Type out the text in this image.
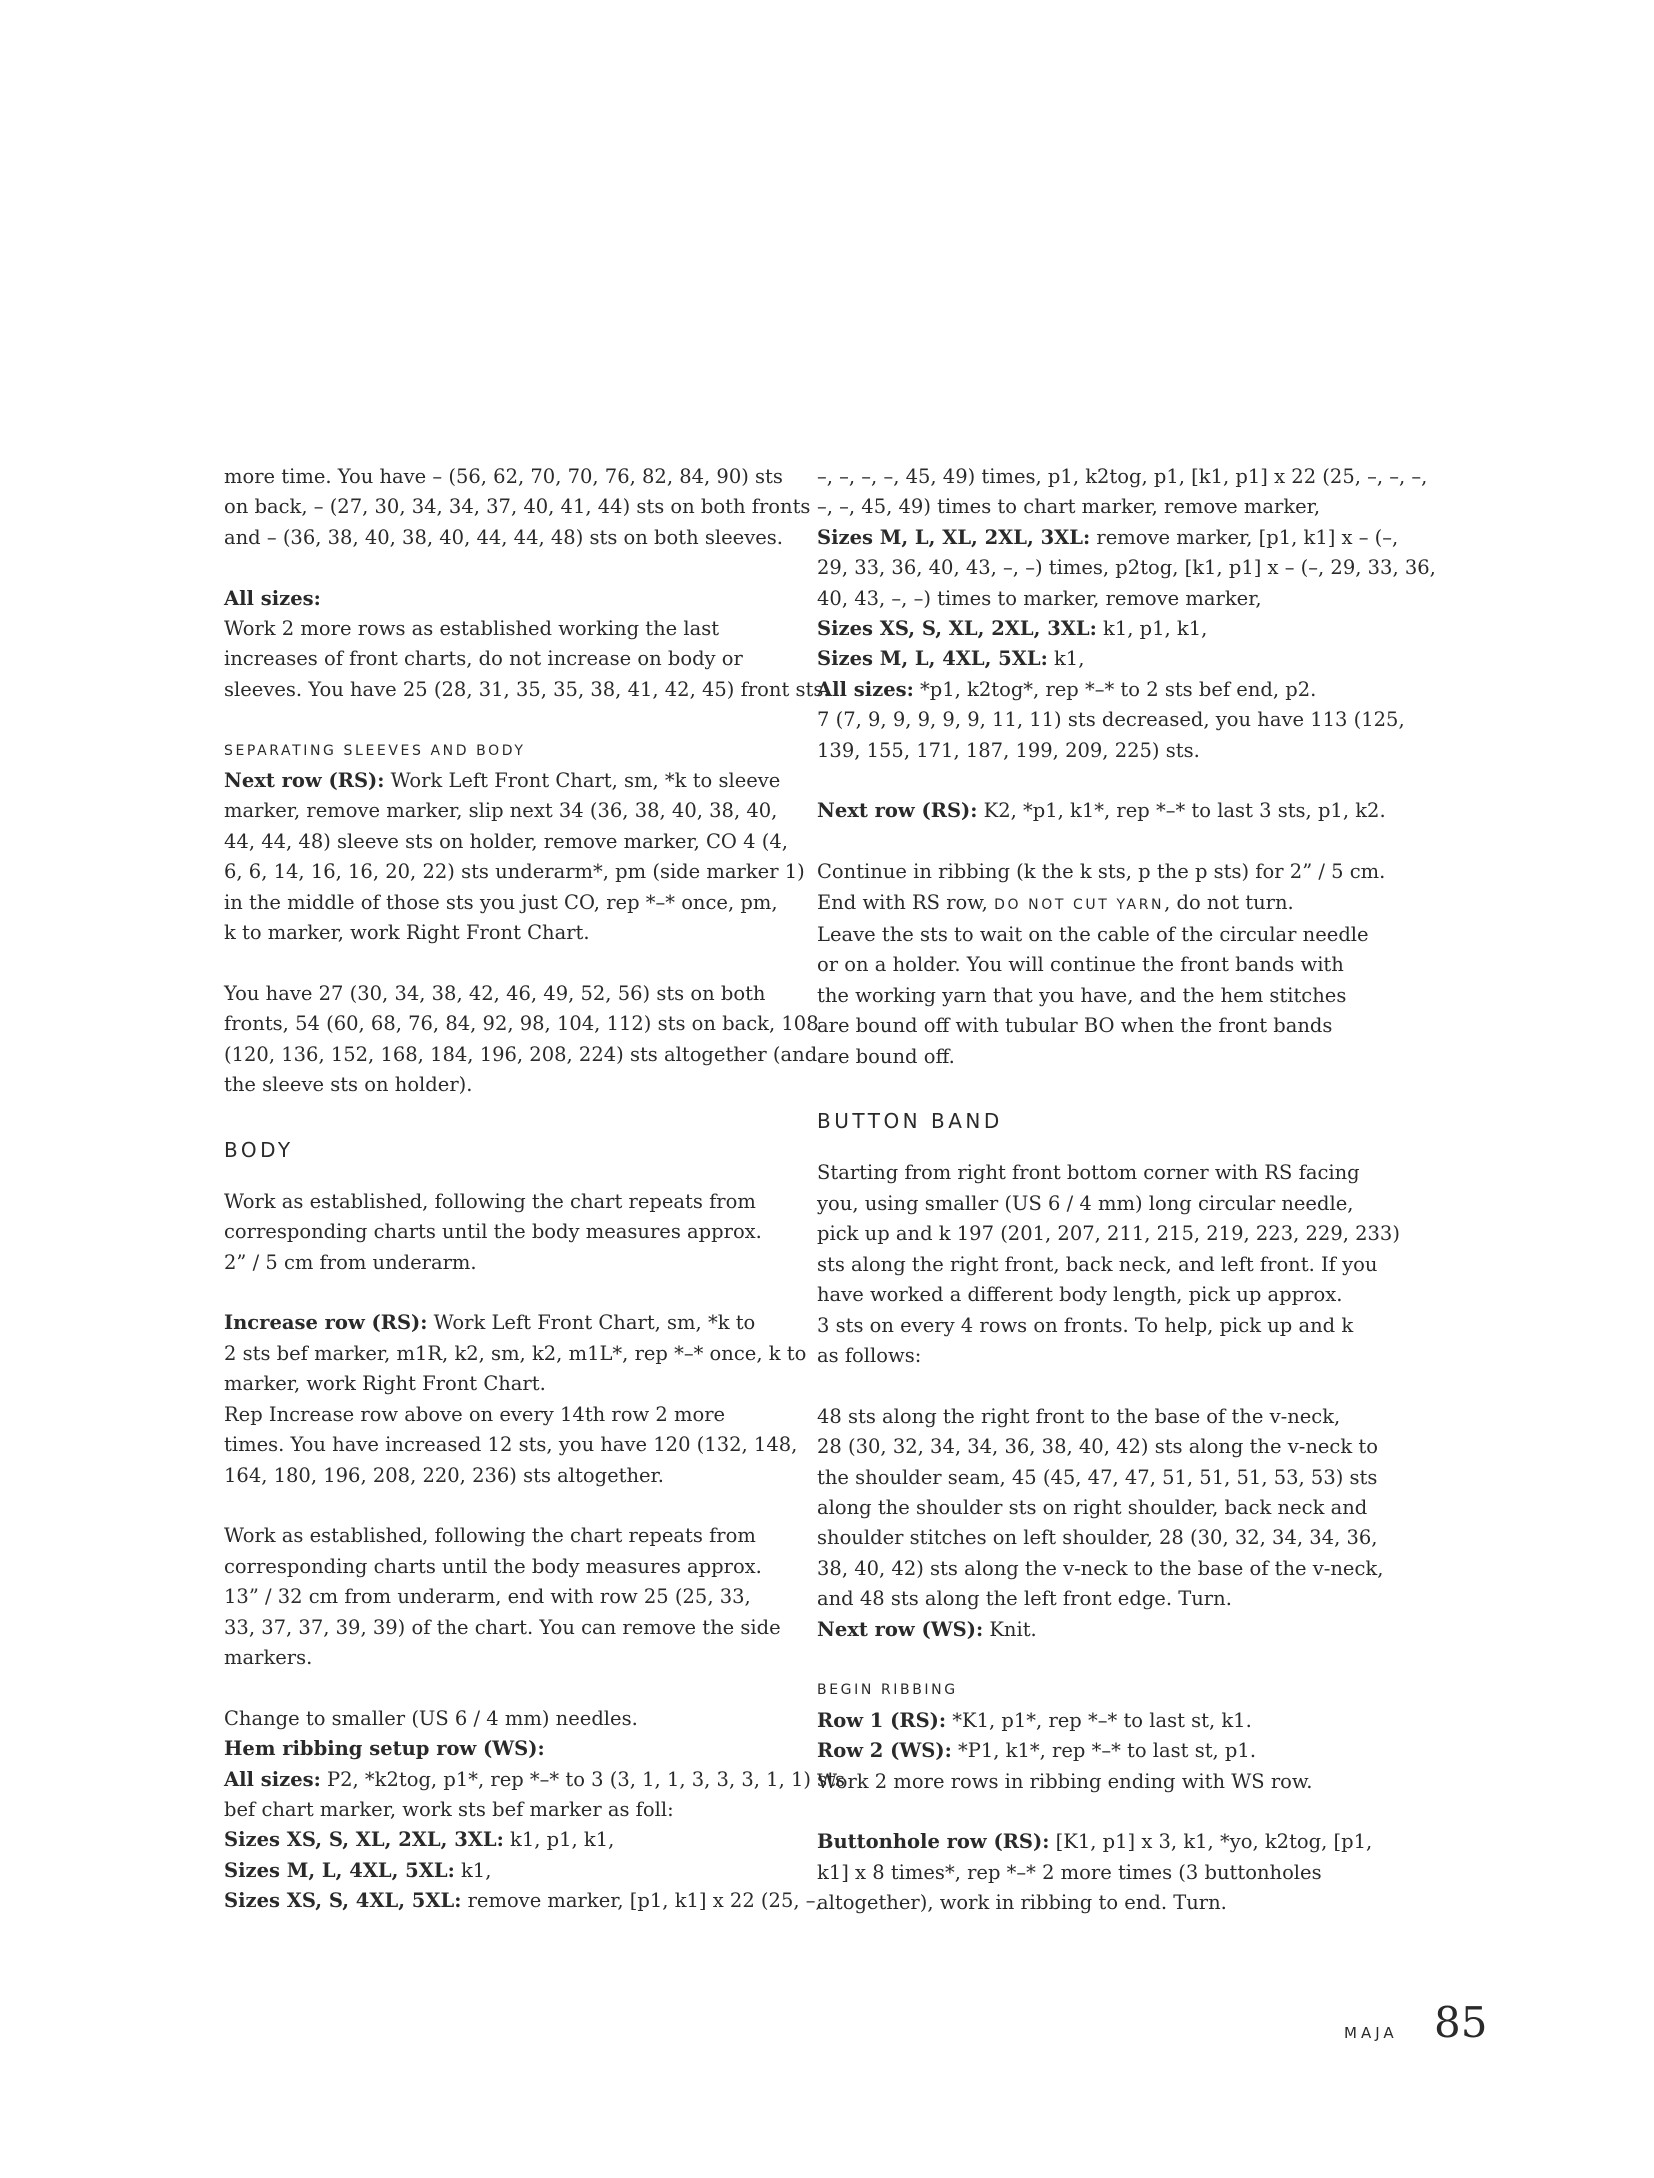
more time. You have – (56, 62, 70, 70, 76, 82, 84, 90) sts
on back, – (27, 30, 34, 34, 37, 40, 41, 44) sts on both fronts
and – (36, 38, 40, 38, 40, 44, 44, 48) sts on both sleeves.
All sizes:
Work 2 more rows as established working the last
increases of front charts, do not increase on body or
sleeves. You have 25 (28, 31, 35, 35, 38, 41, 42, 45) front sts.
SEPARATING SLEEVES AND BODY
Next row (RS): Work Left Front Chart, sm, *k to sleeve
marker, remove marker, slip next 34 (36, 38, 40, 38, 40,
44, 44, 48) sleeve sts on holder, remove marker, CO 4 (4,
6, 6, 14, 16, 16, 20, 22) sts underarm*, pm (side marker 1)
in the middle of those sts you just CO, rep *–* once, pm,
k to marker, work Right Front Chart.
You have 27 (30, 34, 38, 42, 46, 49, 52, 56) sts on both
fronts, 54 (60, 68, 76, 84, 92, 98, 104, 112) sts on back, 108
(120, 136, 152, 168, 184, 196, 208, 224) sts altogether (and
the sleeve sts on holder).
BODY
Work as established, following the chart repeats from
corresponding charts until the body measures approx.
2” / 5 cm from underarm.
Increase row (RS): Work Left Front Chart, sm, *k to
2 sts bef marker, m1R, k2, sm, k2, m1L*, rep *–* once, k to
marker, work Right Front Chart.
Rep Increase row above on every 14th row 2 more
times. You have increased 12 sts, you have 120 (132, 148,
164, 180, 196, 208, 220, 236) sts altogether.
Work as established, following the chart repeats from
corresponding charts until the body measures approx.
13” / 32 cm from underarm, end with row 25 (25, 33,
33, 37, 37, 39, 39) of the chart. You can remove the side
markers.
Change to smaller (US 6 / 4 mm) needles.
Hem ribbing setup row (WS):
All sizes: P2, *k2tog, p1*, rep *–* to 3 (3, 1, 1, 3, 3, 3, 1, 1) sts
bef chart marker, work sts bef marker as foll:
Sizes XS, S, XL, 2XL, 3XL: k1, p1, k1,
Sizes M, L, 4XL, 5XL: k1,
Sizes XS, S, 4XL, 5XL: remove marker, [p1, k1] x 22 (25, –,
–, –, –, –, 45, 49) times, p1, k2tog, p1, [k1, p1] x 22 (25, –, –, –,
–, –, 45, 49) times to chart marker, remove marker,
Sizes M, L, XL, 2XL, 3XL: remove marker, [p1, k1] x – (–,
29, 33, 36, 40, 43, –, –) times, p2tog, [k1, p1] x – (–, 29, 33, 36,
40, 43, –, –) times to marker, remove marker,
Sizes XS, S, XL, 2XL, 3XL: k1, p1, k1,
Sizes M, L, 4XL, 5XL: k1,
All sizes: *p1, k2tog*, rep *–* to 2 sts bef end, p2.
7 (7, 9, 9, 9, 9, 9, 11, 11) sts decreased, you have 113 (125,
139, 155, 171, 187, 199, 209, 225) sts.
Next row (RS): K2, *p1, k1*, rep *–* to last 3 sts, p1, k2.
Continue in ribbing (k the k sts, p the p sts) for 2” / 5 cm.
End with RS row, DO NOT CUT YARN, do not turn.
Leave the sts to wait on the cable of the circular needle
or on a holder. You will continue the front bands with
the working yarn that you have, and the hem stitches
are bound off with tubular BO when the front bands
are bound off.
BUTTON BAND
Starting from right front bottom corner with RS facing
you, using smaller (US 6 / 4 mm) long circular needle,
pick up and k 197 (201, 207, 211, 215, 219, 223, 229, 233)
sts along the right front, back neck, and left front. If you
have worked a different body length, pick up approx.
3 sts on every 4 rows on fronts. To help, pick up and k
as follows:
48 sts along the right front to the base of the v-neck,
28 (30, 32, 34, 34, 36, 38, 40, 42) sts along the v-neck to
the shoulder seam, 45 (45, 47, 47, 51, 51, 51, 53, 53) sts
along the shoulder sts on right shoulder, back neck and
shoulder stitches on left shoulder, 28 (30, 32, 34, 34, 36,
38, 40, 42) sts along the v-neck to the base of the v-neck,
and 48 sts along the left front edge. Turn.
Next row (WS): Knit.
BEGIN RIBBING
Row 1 (RS): *K1, p1*, rep *–* to last st, k1.
Row 2 (WS): *P1, k1*, rep *–* to last st, p1.
Work 2 more rows in ribbing ending with WS row.
Buttonhole row (RS): [K1, p1] x 3, k1, *yo, k2tog, [p1,
k1] x 8 times*, rep *–* 2 more times (3 buttonholes
altogether), work in ribbing to end. Turn.
MAJA 85
